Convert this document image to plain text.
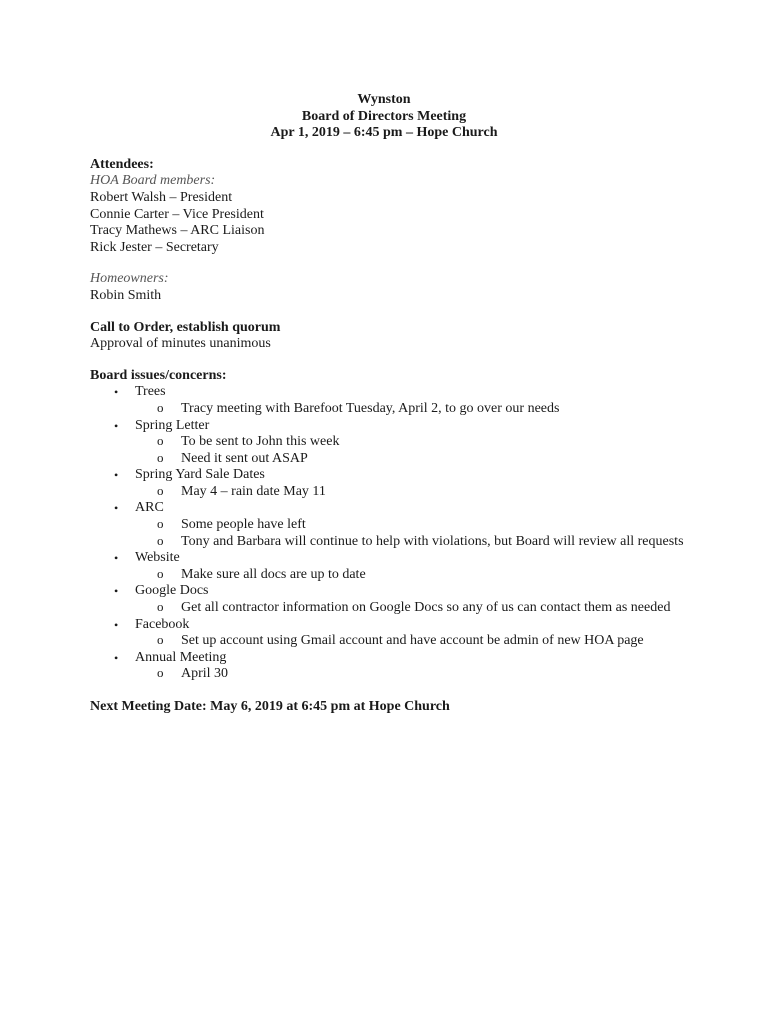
Wynston
Board of Directors Meeting
Apr 1, 2019 – 6:45 pm – Hope Church
Attendees:
HOA Board members:
Robert Walsh – President
Connie Carter – Vice President
Tracy Mathews – ARC Liaison
Rick Jester – Secretary
Homeowners:
Robin Smith
Call to Order, establish quorum
Approval of minutes unanimous
Board issues/concerns:
• Trees
o Tracy meeting with Barefoot Tuesday, April 2, to go over our needs
• Spring Letter
o To be sent to John this week
o Need it sent out ASAP
• Spring Yard Sale Dates
o May 4 – rain date May 11
• ARC
o Some people have left
o Tony and Barbara will continue to help with violations, but Board will review all requests
• Website
o Make sure all docs are up to date
• Google Docs
o Get all contractor information on Google Docs so any of us can contact them as needed
• Facebook
o Set up account using Gmail account and have account be admin of new HOA page
• Annual Meeting
o April 30
Next Meeting Date: May 6, 2019 at 6:45 pm at Hope Church
